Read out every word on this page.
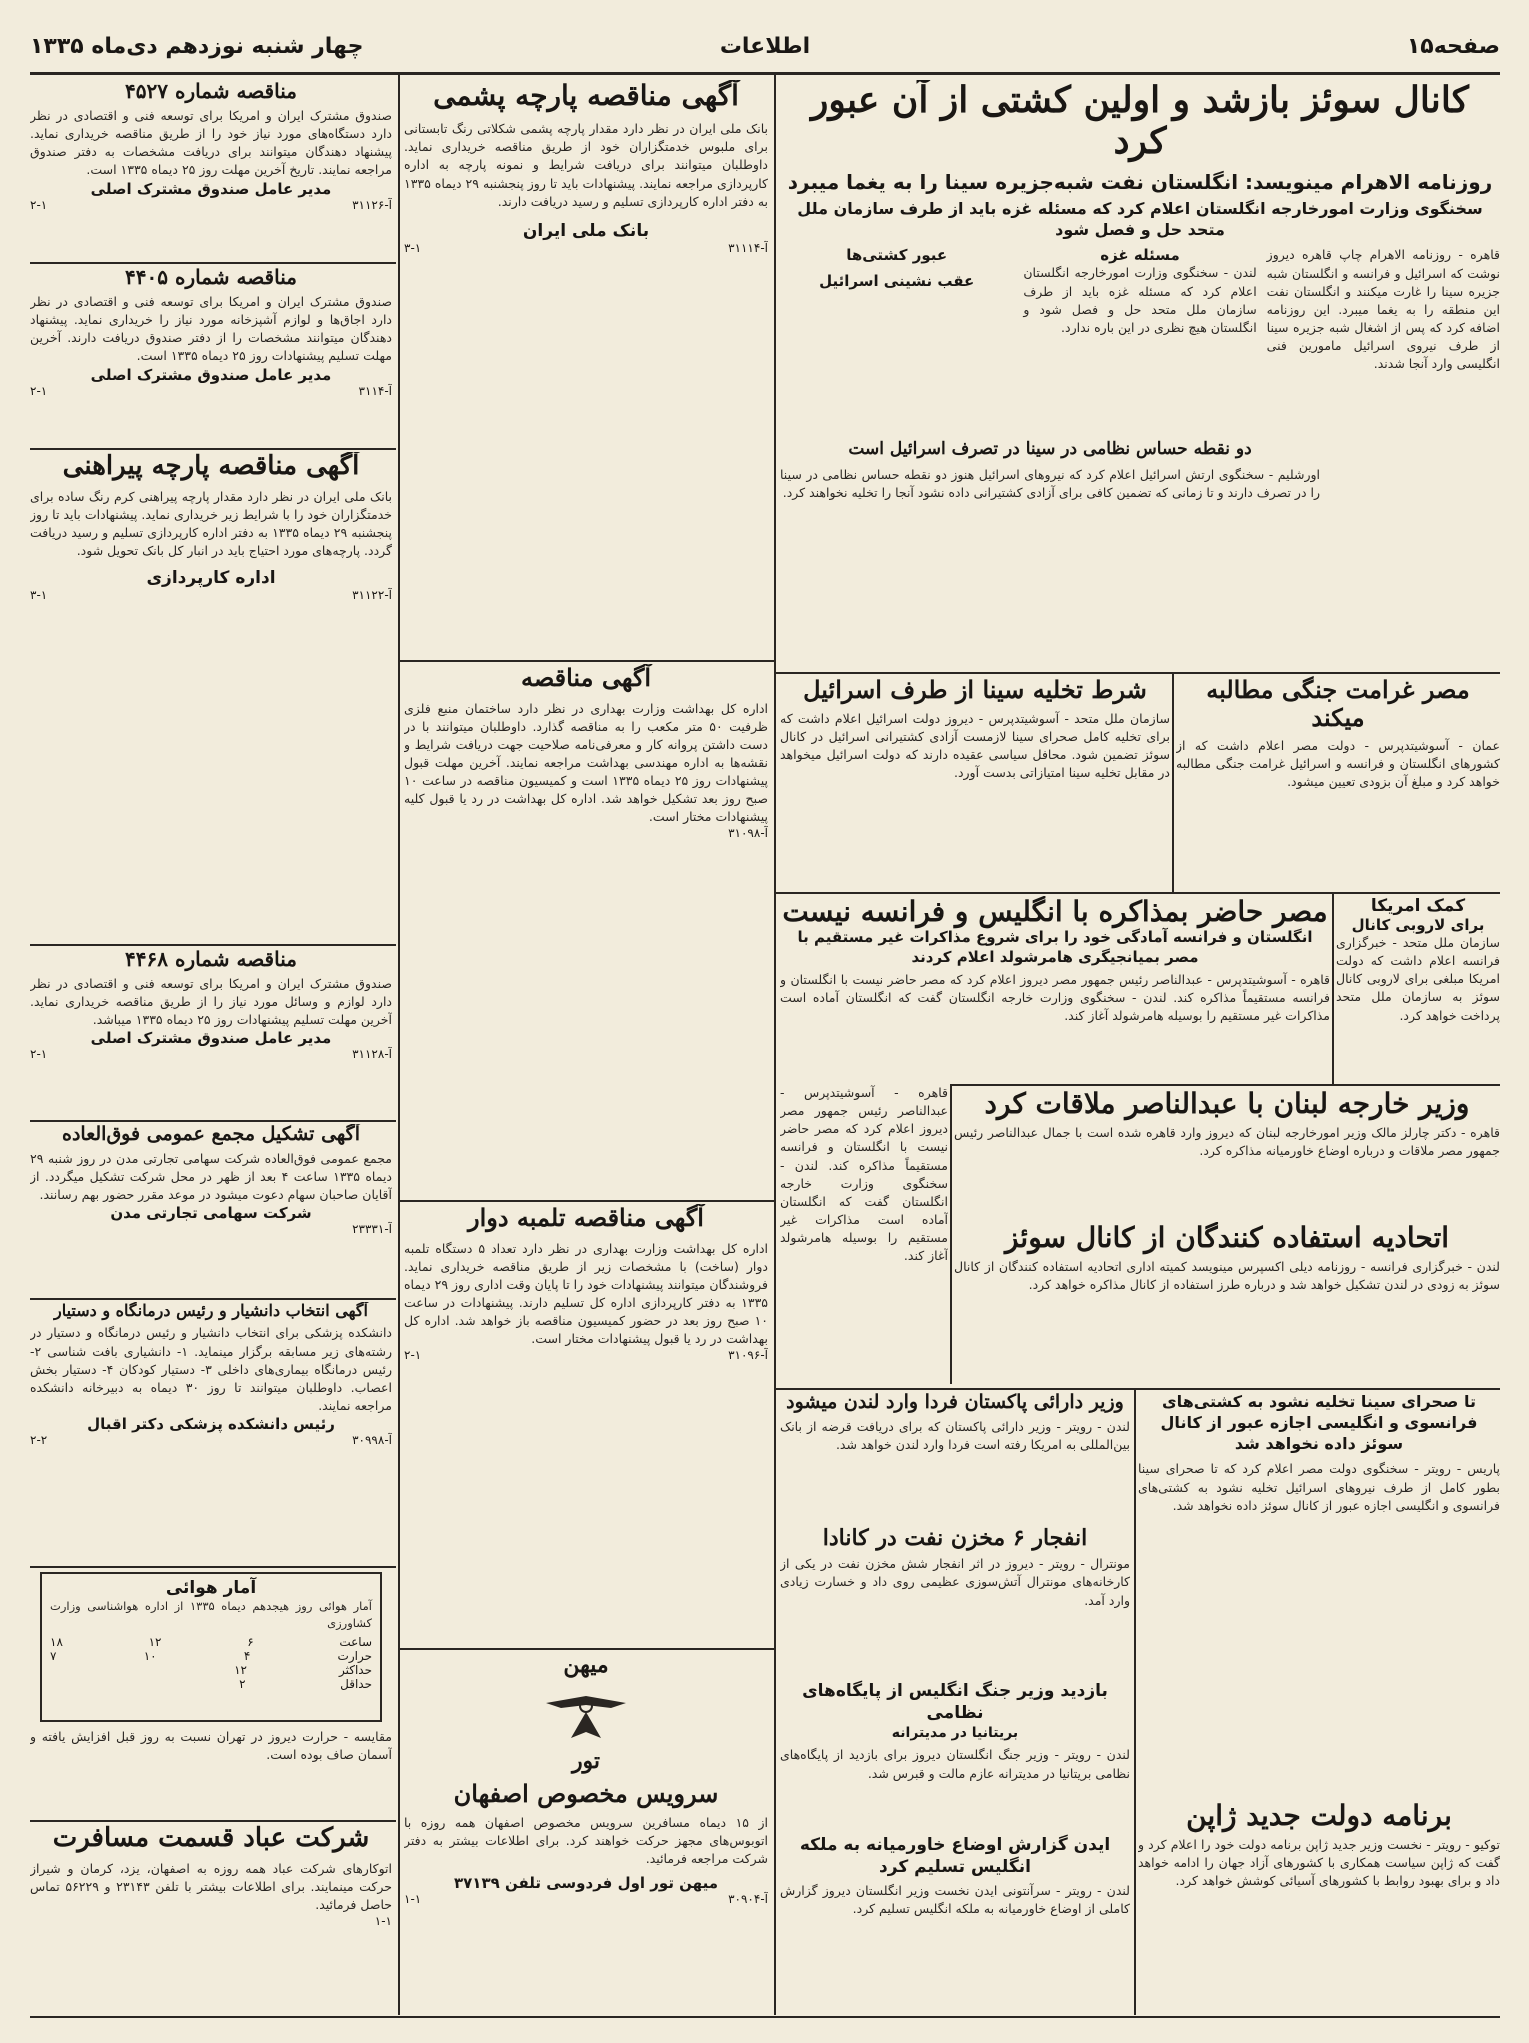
صفحه۱۵
اطلاعات
چهار شنبه نوزدهم دی‌ماه ۱۳۳۵
کانال سوئز بازشد و اولین کشتی از آن عبور کرد
روزنامه الاهرام مینویسد: انگلستان نفت شبه‌جزیره سینا را به یغما میبرد
سخنگوی وزارت امورخارجه انگلستان اعلام کرد که مسئله غزه باید از طرف سازمان ملل متحد حل و فصل شود
قاهره - روزنامه الاهرام چاپ قاهره دیروز نوشت که اسرائیل و فرانسه و انگلستان شبه جزیره سینا را غارت میکنند و انگلستان نفت این منطقه را به یغما میبرد. این روزنامه اضافه کرد که پس از اشغال شبه جزیره سینا از طرف نیروی اسرائیل مامورین فنی انگلیسی وارد آنجا شدند.
مسئله غزه
لندن - سخنگوی وزارت امورخارجه انگلستان اعلام کرد که مسئله غزه باید از طرف سازمان ملل متحد حل و فصل شود و انگلستان هیچ نظری در این باره ندارد.
عبور کشتی‌ها
عقب نشینی اسرائیل
دو نقطه حساس نظامی در سینا در تصرف اسرائیل است
اورشلیم - سخنگوی ارتش اسرائیل اعلام کرد که نیروهای اسرائیل هنوز دو نقطه حساس نظامی در سینا را در تصرف دارند و تا زمانی که تضمین کافی برای آزادی کشتیرانی داده نشود آنجا را تخلیه نخواهند کرد.
شرط تخلیه سینا از طرف اسرائیل
سازمان ملل متحد - آسوشیتدپرس - دیروز دولت اسرائیل اعلام داشت که برای تخلیه کامل صحرای سینا لازمست آزادی کشتیرانی اسرائیل در کانال سوئز تضمین شود. محافل سیاسی عقیده دارند که دولت اسرائیل میخواهد در مقابل تخلیه سینا امتیازاتی بدست آورد.
مصر غرامت جنگی مطالبه میکند
عمان - آسوشیتدپرس - دولت مصر اعلام داشت که از کشورهای انگلستان و فرانسه و اسرائیل غرامت جنگی مطالبه خواهد کرد و مبلغ آن بزودی تعیین میشود.
مصر حاضر بمذاکره با انگلیس و فرانسه نیست
انگلستان و فرانسه آمادگی خود را برای شروع مذاکرات غیر مستقیم با مصر بمیانجیگری هامرشولد اعلام کردند
قاهره - آسوشیتدپرس - عبدالناصر رئیس جمهور مصر دیروز اعلام کرد که مصر حاضر نیست با انگلستان و فرانسه مستقیماً مذاکره کند. لندن - سخنگوی وزارت خارجه انگلستان گفت که انگلستان آماده است مذاکرات غیر مستقیم را بوسیله هامرشولد آغاز کند.
کمک امریکا
برای لاروبی کانال
سازمان ملل متحد - خبرگزاری فرانسه اعلام داشت که دولت امریکا مبلغی برای لاروبی کانال سوئز به سازمان ملل متحد پرداخت خواهد کرد.
وزیر خارجه لبنان با عبدالناصر ملاقات کرد
قاهره - دکتر چارلز مالک وزیر امورخارجه لبنان که دیروز وارد قاهره شده است با جمال عبدالناصر رئیس جمهور مصر ملاقات و درباره اوضاع خاورمیانه مذاکره کرد.
اتحادیه استفاده کنندگان از کانال سوئز
لندن - خبرگزاری فرانسه - روزنامه دیلی اکسپرس مینویسد کمیته اداری اتحادیه استفاده کنندگان از کانال سوئز به زودی در لندن تشکیل خواهد شد و درباره طرز استفاده از کانال مذاکره خواهد کرد.
قاهره - آسوشیتدپرس - عبدالناصر رئیس جمهور مصر دیروز اعلام کرد که مصر حاضر نیست با انگلستان و فرانسه مستقیماً مذاکره کند. لندن - سخنگوی وزارت خارجه انگلستان گفت که انگلستان آماده است مذاکرات غیر مستقیم را بوسیله هامرشولد آغاز کند.
وزیر دارائی پاکستان فردا وارد لندن میشود
لندن - رویتر - وزیر دارائی پاکستان که برای دریافت قرضه از بانک بین‌المللی به امریکا رفته است فردا وارد لندن خواهد شد.
انفجار ۶ مخزن نفت در کانادا
مونترال - رویتر - دیروز در اثر انفجار شش مخزن نفت در یکی از کارخانه‌های مونترال آتش‌سوزی عظیمی روی داد و خسارت زیادی وارد آمد.
بازدید وزیر جنگ انگلیس از پایگاه‌های نظامی
بریتانیا در مدیترانه
لندن - رویتر - وزیر جنگ انگلستان دیروز برای بازدید از پایگاه‌های نظامی بریتانیا در مدیترانه عازم مالت و قبرس شد.
ایدن گزارش اوضاع خاورمیانه به ملکه انگلیس تسلیم کرد
لندن - رویتر - سرآنتونی ایدن نخست وزیر انگلستان دیروز گزارش کاملی از اوضاع خاورمیانه به ملکه انگلیس تسلیم کرد.
تا صحرای سینا تخلیه نشود به کشتی‌های فرانسوی و انگلیسی اجازه عبور از کانال سوئز داده نخواهد شد
پاریس - رویتر - سخنگوی دولت مصر اعلام کرد که تا صحرای سینا بطور کامل از طرف نیروهای اسرائیل تخلیه نشود به کشتی‌های فرانسوی و انگلیسی اجازه عبور از کانال سوئز داده نخواهد شد.
برنامه دولت جدید ژاپن
توکیو - رویتر - نخست وزیر جدید ژاپن برنامه دولت خود را اعلام کرد و گفت که ژاپن سیاست همکاری با کشورهای آزاد جهان را ادامه خواهد داد و برای بهبود روابط با کشورهای آسیائی کوشش خواهد کرد.
آگهی مناقصه پارچه پشمی
بانک ملی ایران در نظر دارد مقدار پارچه پشمی شکلاتی رنگ تابستانی برای ملبوس خدمتگزاران خود از طریق مناقصه خریداری نماید. داوطلبان میتوانند برای دریافت شرایط و نمونه پارچه به اداره کارپردازی مراجعه نمایند. پیشنهادات باید تا روز پنجشنبه ۲۹ دیماه ۱۳۳۵ به دفتر اداره کارپردازی تسلیم و رسید دریافت دارند.
بانک ملی ایران
آ-۳۱۱۱۴
۳-۱
آگهی مناقصه
اداره کل بهداشت وزارت بهداری در نظر دارد ساختمان منبع فلزی ظرفیت ۵۰ متر مکعب را به مناقصه گذارد. داوطلبان میتوانند با در دست داشتن پروانه کار و معرفی‌نامه صلاحیت جهت دریافت شرایط و نقشه‌ها به اداره مهندسی بهداشت مراجعه نمایند. آخرین مهلت قبول پیشنهادات روز ۲۵ دیماه ۱۳۳۵ است و کمیسیون مناقصه در ساعت ۱۰ صبح روز بعد تشکیل خواهد شد. اداره کل بهداشت در رد یا قبول کلیه پیشنهادات مختار است.
آ-۳۱۰۹۸
آگهی مناقصه تلمبه دوار
اداره کل بهداشت وزارت بهداری در نظر دارد تعداد ۵ دستگاه تلمبه دوار (ساخت) با مشخصات زیر از طریق مناقصه خریداری نماید. فروشندگان میتوانند پیشنهادات خود را تا پایان وقت اداری روز ۲۹ دیماه ۱۳۳۵ به دفتر کارپردازی اداره کل تسلیم دارند. پیشنهادات در ساعت ۱۰ صبح روز بعد در حضور کمیسیون مناقصه باز خواهد شد. اداره کل بهداشت در رد یا قبول پیشنهادات مختار است.
آ-۳۱۰۹۶
۲-۱
میهن
تور
سرویس مخصوص اصفهان
از ۱۵ دیماه مسافرین سرویس مخصوص اصفهان همه روزه با اتوبوس‌های مجهز حرکت خواهند کرد. برای اطلاعات بیشتر به دفتر شرکت مراجعه فرمائید.
میهن تور اول فردوسی تلفن ۳۷۱۳۹
آ-۳۰۹۰۴
۱-۱
مناقصه شماره ۴۵۲۷
صندوق مشترک ایران و امریکا برای توسعه فنی و اقتصادی در نظر دارد دستگاه‌های مورد نیاز خود را از طریق مناقصه خریداری نماید. پیشنهاد دهندگان میتوانند برای دریافت مشخصات به دفتر صندوق مراجعه نمایند. تاریخ آخرین مهلت روز ۲۵ دیماه ۱۳۳۵ است.
مدیر عامل صندوق مشترک اصلی
آ-۳۱۱۲۶
۲-۱
مناقصه شماره ۴۴۰۵
صندوق مشترک ایران و امریکا برای توسعه فنی و اقتصادی در نظر دارد اجاق‌ها و لوازم آشپزخانه مورد نیاز را خریداری نماید. پیشنهاد دهندگان میتوانند مشخصات را از دفتر صندوق دریافت دارند. آخرین مهلت تسلیم پیشنهادات روز ۲۵ دیماه ۱۳۳۵ است.
مدیر عامل صندوق مشترک اصلی
آ-۳۱۱۴
۲-۱
آگهی مناقصه پارچه پیراهنی
بانک ملی ایران در نظر دارد مقدار پارچه پیراهنی کرم رنگ ساده برای خدمتگزاران خود را با شرایط زیر خریداری نماید. پیشنهادات باید تا روز پنجشنبه ۲۹ دیماه ۱۳۳۵ به دفتر اداره کارپردازی تسلیم و رسید دریافت گردد. پارچه‌های مورد احتیاج باید در انبار کل بانک تحویل شود.
اداره کارپردازی
آ-۳۱۱۲۲
۳-۱
مناقصه شماره ۴۴۶۸
صندوق مشترک ایران و امریکا برای توسعه فنی و اقتصادی در نظر دارد لوازم و وسائل مورد نیاز را از طریق مناقصه خریداری نماید. آخرین مهلت تسلیم پیشنهادات روز ۲۵ دیماه ۱۳۳۵ میباشد.
مدیر عامل صندوق مشترک اصلی
آ-۳۱۱۲۸
۲-۱
آگهی تشکیل مجمع عمومی فوق‌العاده
مجمع عمومی فوق‌العاده شرکت سهامی تجارتی مدن در روز شنبه ۲۹ دیماه ۱۳۳۵ ساعت ۴ بعد از ظهر در محل شرکت تشکیل میگردد. از آقایان صاحبان سهام دعوت میشود در موعد مقرر حضور بهم رسانند.
شرکت سهامی تجارتی مدن
آ-۲۳۳۳۱
آگهی انتخاب دانشیار و رئیس درمانگاه و دستیار
دانشکده پزشکی برای انتخاب دانشیار و رئیس درمانگاه و دستیار در رشته‌های زیر مسابقه برگزار مینماید. ۱- دانشیاری بافت شناسی ۲- رئیس درمانگاه بیماری‌های داخلی ۳- دستیار کودکان ۴- دستیار بخش اعصاب. داوطلبان میتوانند تا روز ۳۰ دیماه به دبیرخانه دانشکده مراجعه نمایند.
رئیس دانشکده پزشکی دکتر اقبال
آ-۳۰۹۹۸
۲-۲
آمار هوائی
آمار هوائی روز هیجدهم دیماه ۱۳۳۵ از اداره هواشناسی وزارت کشاورزی
ساعت
۶
۱۲
۱۸
حرارت
۴
۱۰
۷
حداکثر
۱۲
حداقل
۲
مقایسه - حرارت دیروز در تهران نسبت به روز قبل افزایش یافته و آسمان صاف بوده است.
شرکت عباد قسمت مسافرت
اتوکارهای شرکت عباد همه روزه به اصفهان، یزد، کرمان و شیراز حرکت مینمایند. برای اطلاعات بیشتر با تلفن ۲۳۱۴۳ و ۵۶۲۲۹ تماس حاصل فرمائید.
۱-۱
